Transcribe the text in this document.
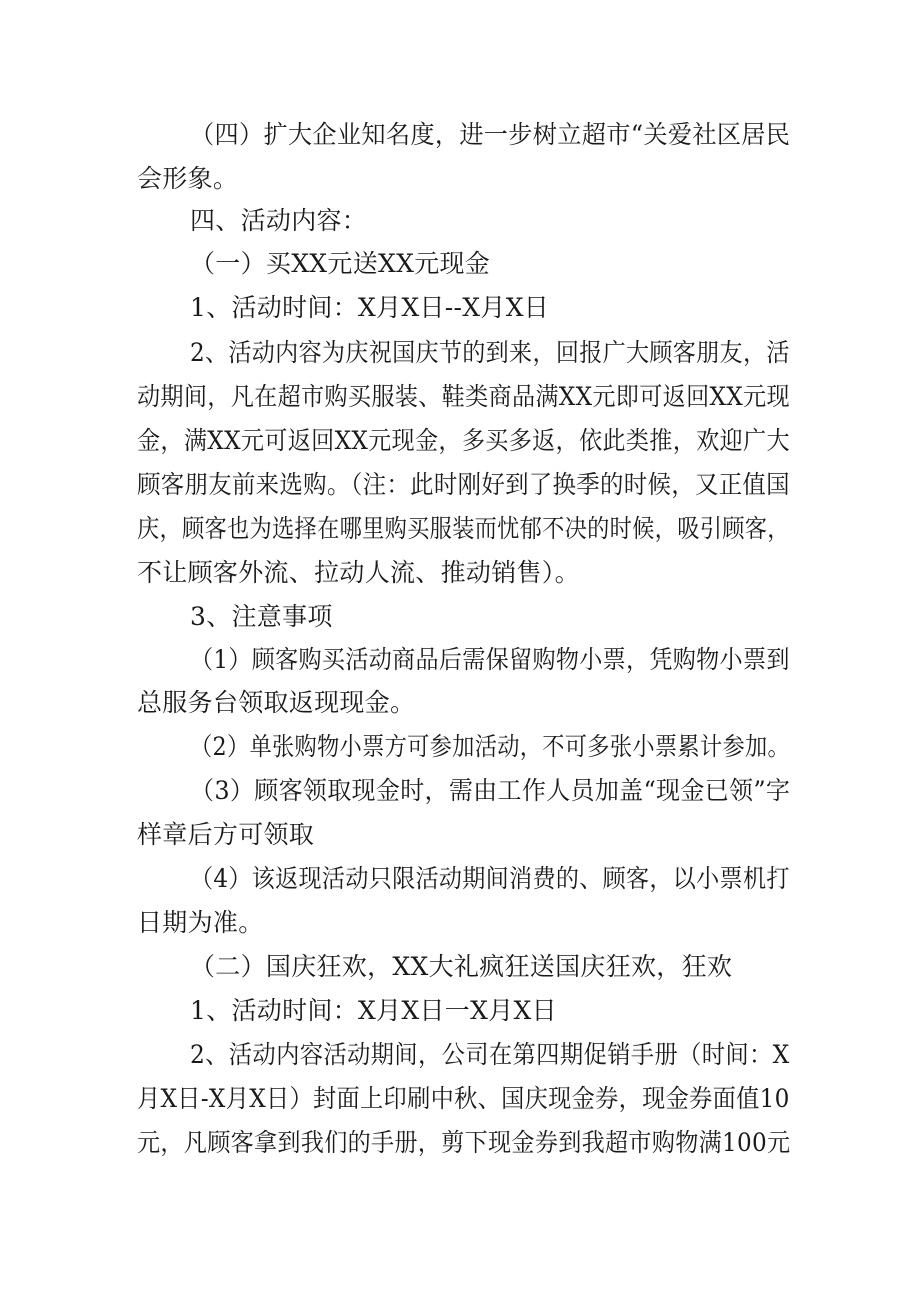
（四）扩大企业知名度，进一步树立超市“关爱社区居民
会形象。
四、活动内容：
（一）买XX元送XX元现金
1、活动时间：X月X日--X月X日
2、活动内容为庆祝国庆节的到来，回报广大顾客朋友，活
动期间，凡在超市购买服装、鞋类商品满XX元即可返回XX元现
金，满XX元可返回XX元现金，多买多返，依此类推，欢迎广大
顾客朋友前来选购。（注：此时刚好到了换季的时候，又正值国
庆，顾客也为选择在哪里购买服装而忧郁不决的时候，吸引顾客，
不让顾客外流、拉动人流、推动销售）。
3、注意事项
（1）顾客购买活动商品后需保留购物小票，凭购物小票到
总服务台领取返现现金。
（2）单张购物小票方可参加活动，不可多张小票累计参加。
（3）顾客领取现金时，需由工作人员加盖“现金已领”字
样章后方可领取
（4）该返现活动只限活动期间消费的、顾客，以小票机打
日期为准。
（二）国庆狂欢，XX大礼疯狂送国庆狂欢，狂欢
1、活动时间：X月X日一X月X日
2、活动内容活动期间，公司在第四期促销手册（时间：X
月X日-X月X日）封面上印刷中秋、国庆现金券，现金券面值10
元，凡顾客拿到我们的手册，剪下现金券到我超市购物满100元
